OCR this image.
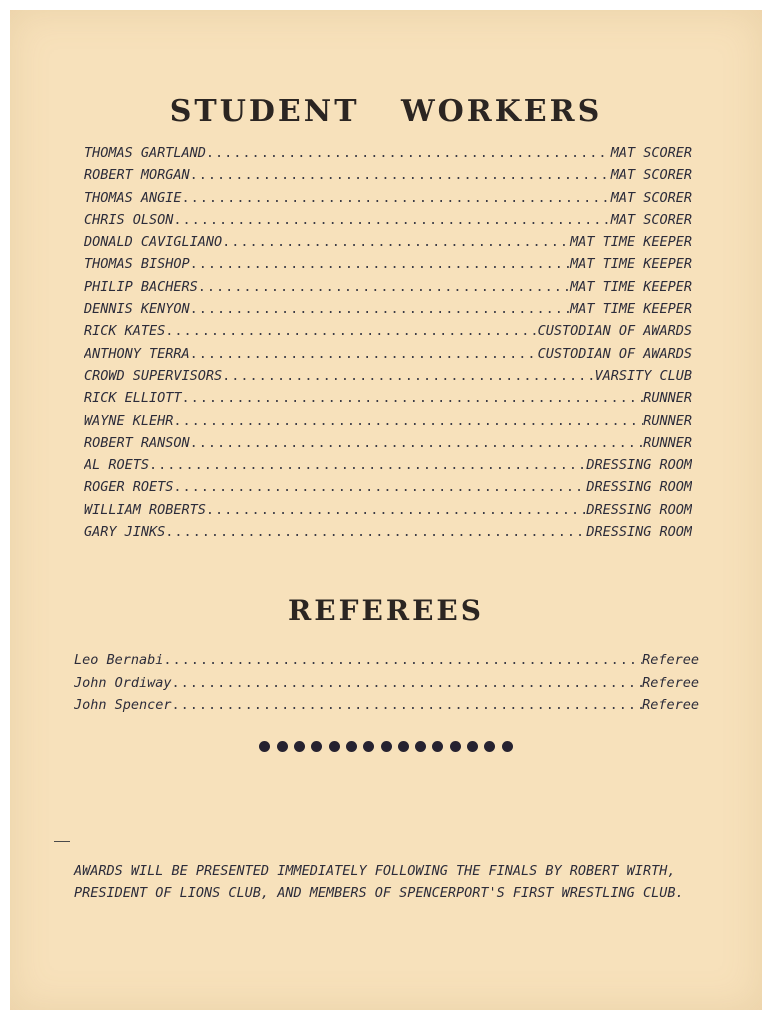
STUDENT WORKERS
THOMAS GARTLAND .....	MAT SCORER
ROBERT MORGAN .....	MAT SCORER
THOMAS ANGIE .....	MAT SCORER
CHRIS OLSON .....	MAT SCORER
DONALD CAVIGLIANO .....	MAT TIME KEEPER
THOMAS BISHOP .....	MAT TIME KEEPER
PHILIP BACHERS .....	MAT TIME KEEPER
DENNIS KENYON .....	MAT TIME KEEPER
RICK KATES .....	CUSTODIAN OF AWARDS
ANTHONY TERRA .....	CUSTODIAN OF AWARDS
CROWD SUPERVISORS .....	VARSITY CLUB
RICK ELLIOTT .....	RUNNER
WAYNE KLEHR .....	RUNNER
ROBERT RANSON .....	RUNNER
AL ROETS .....	DRESSING ROOM
ROGER ROETS .....	DRESSING ROOM
WILLIAM ROBERTS .....	DRESSING ROOM
GARY JINKS .....	DRESSING ROOM
REFEREES
Leo Bernabi .....	Referee
John Ordiway .....	Referee
John Spencer .....	Referee

AWARDS WILL BE PRESENTED IMMEDIATELY FOLLOWING THE FINALS BY ROBERT WIRTH, PRESIDENT OF LIONS CLUB, AND MEMBERS OF SPENCERPORT'S FIRST WRESTLING CLUB.
